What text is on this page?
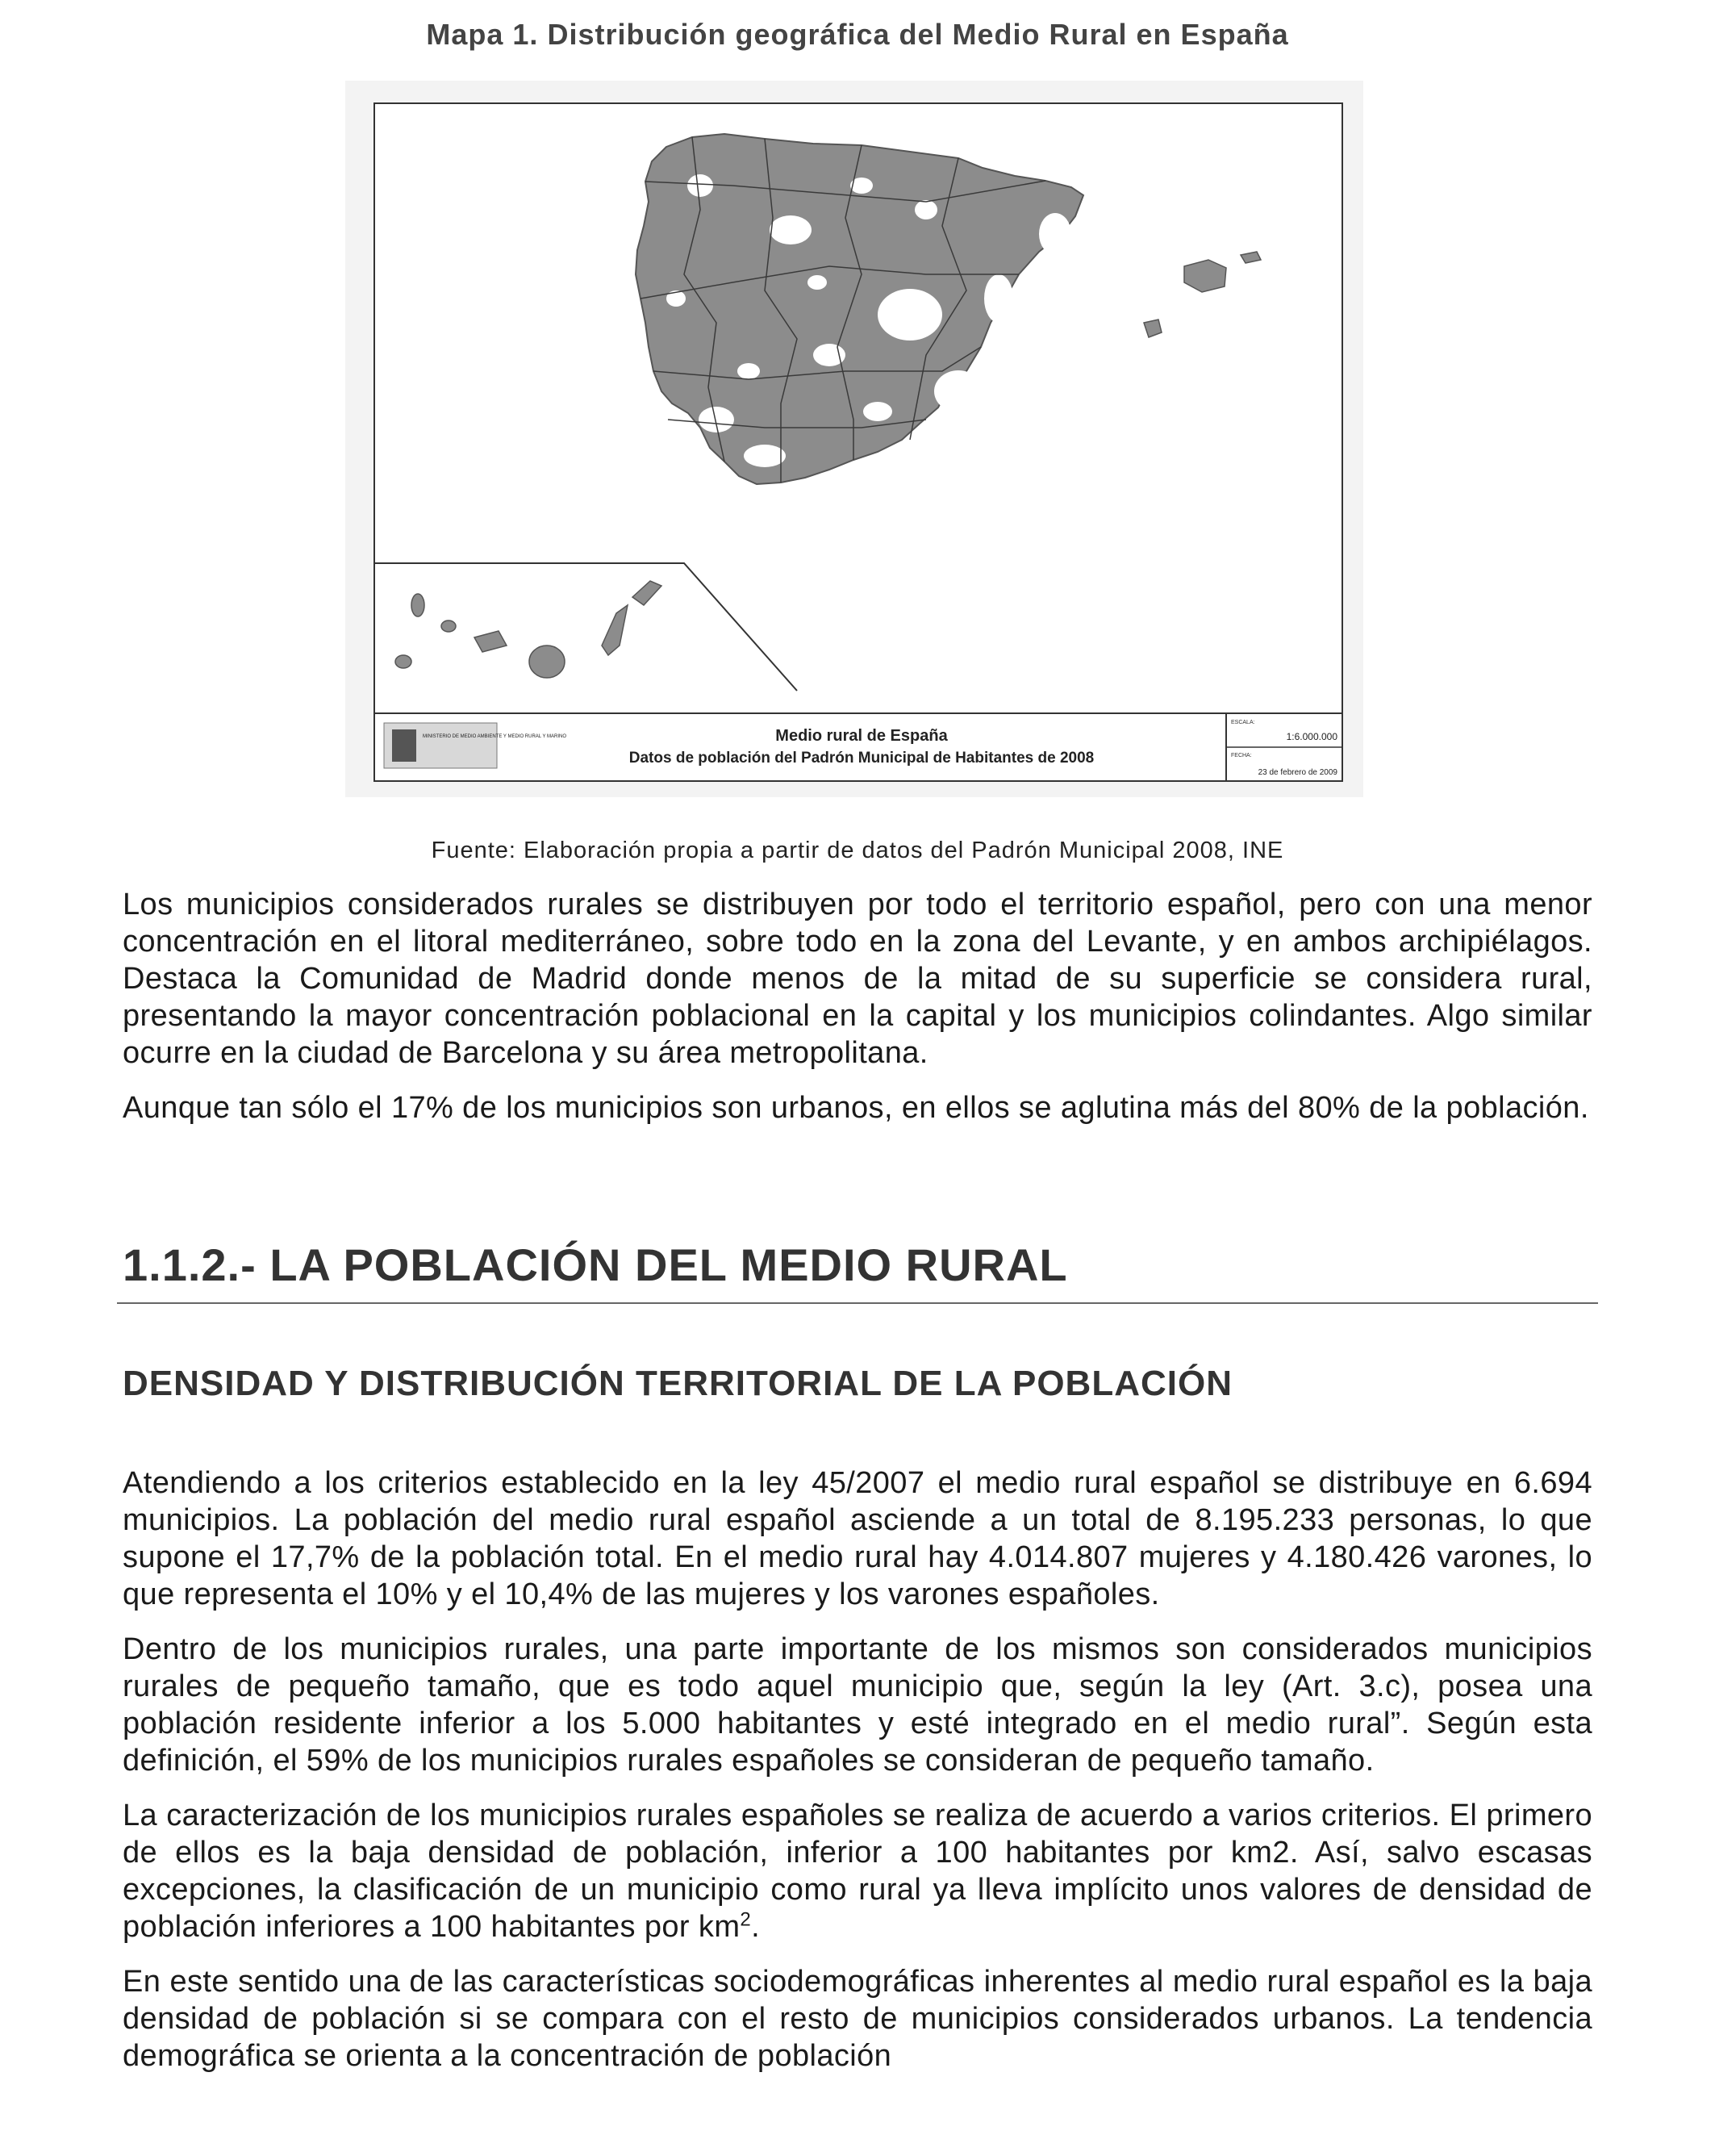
Mapa 1. Distribución geográfica del Medio Rural en España
MINISTERIO DE MEDIO AMBIENTE Y MEDIO RURAL Y MARINO	Medio rural de España
Datos de población del Padrón Municipal de Habitantes de 2008
ESCALA:
1:6.000.000
FECHA:
23 de febrero de 2009
Fuente: Elaboración propia a partir de datos del Padrón Municipal 2008, INE

Los municipios considerados rurales se distribuyen por todo el territorio español, pero con una menor concentración en el litoral mediterráneo, sobre todo en la zona del Levante, y en ambos archipiélagos. Destaca la Comunidad de Madrid donde menos de la mitad de su superficie se considera rural, presentando la mayor concentración poblacional en la capital y los municipios colindantes. Algo similar ocurre en la ciudad de Barcelona y su área metropolitana.

Aunque tan sólo el 17% de los municipios son urbanos, en ellos se aglutina más del 80% de la población.

1.1.2.- LA POBLACIÓN DEL MEDIO RURAL
DENSIDAD Y DISTRIBUCIÓN TERRITORIAL DE LA POBLACIÓN

Atendiendo a los criterios establecido en la ley 45/2007 el medio rural español se distribuye en 6.694 municipios. La población del medio rural español asciende a un total de 8.195.233 personas, lo que supone el 17,7% de la población total. En el medio rural hay 4.014.807 mujeres y 4.180.426 varones, lo que representa el 10% y el 10,4% de las mujeres y los varones españoles.

Dentro de los municipios rurales, una parte importante de los mismos son considerados municipios rurales de pequeño tamaño, que es todo aquel municipio que, según la ley (Art. 3.c), posea una población residente inferior a los 5.000 habitantes y esté integrado en el medio rural”. Según esta definición, el 59% de los municipios rurales españoles se consideran de pequeño tamaño.

La caracterización de los municipios rurales españoles se realiza de acuerdo a varios criterios. El primero de ellos es la baja densidad de población, inferior a 100 habitantes por km2. Así, salvo escasas excepciones, la clasificación de un municipio como rural ya lleva implícito unos valores de densidad de población inferiores a 100 habitantes por $km^2$.

En este sentido una de las características sociodemográficas inherentes al medio rural español es la baja densidad de población si se compara con el resto de municipios considerados urbanos. La tendencia demográfica se orienta a la concentración de población
